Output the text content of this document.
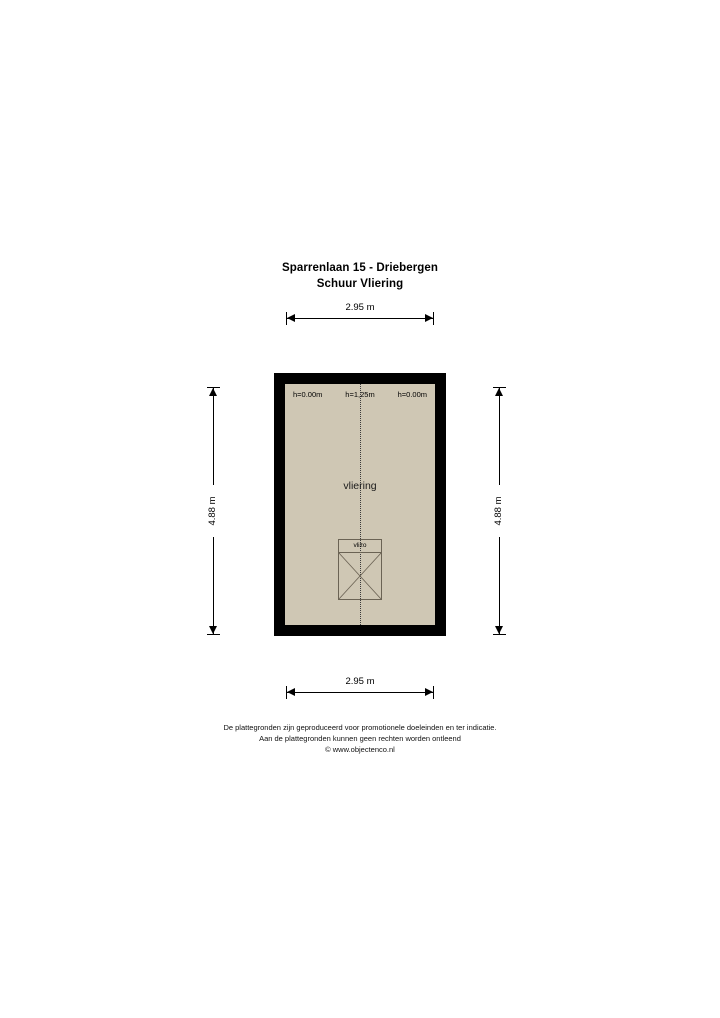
Sparrenlaan 15 - Driebergen
Schuur Vliering
2.95 m
4.88 m	4.88 m
h=0.00m	h=1,25m	h=0.00m
vliering
vlizo
2.95 m
De plattegronden zijn geproduceerd voor promotionele doeleinden en ter indicatie.
Aan de plattegronden kunnen geen rechten worden ontleend
© www.objectenco.nl
